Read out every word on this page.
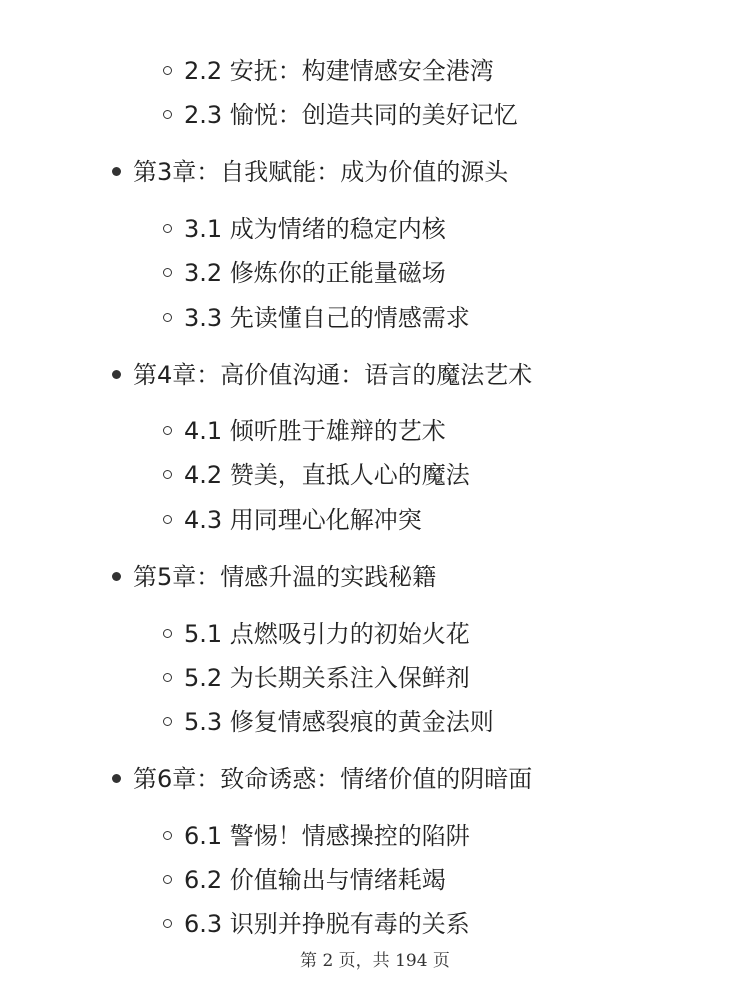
2.2 安抚：构建情感安全港湾
2.3 愉悦：创造共同的美好记忆
第3章：自我赋能：成为价值的源头
3.1 成为情绪的稳定内核
3.2 修炼你的正能量磁场
3.3 先读懂自己的情感需求
第4章：高价值沟通：语言的魔法艺术
4.1 倾听胜于雄辩的艺术
4.2 赞美，直抵人心的魔法
4.3 用同理心化解冲突
第5章：情感升温的实践秘籍
5.1 点燃吸引力的初始火花
5.2 为长期关系注入保鲜剂
5.3 修复情感裂痕的黄金法则
第6章：致命诱惑：情绪价值的阴暗面
6.1 警惕！情感操控的陷阱
6.2 价值输出与情绪耗竭
6.3 识别并挣脱有毒的关系
第 2 页，共 194 页
